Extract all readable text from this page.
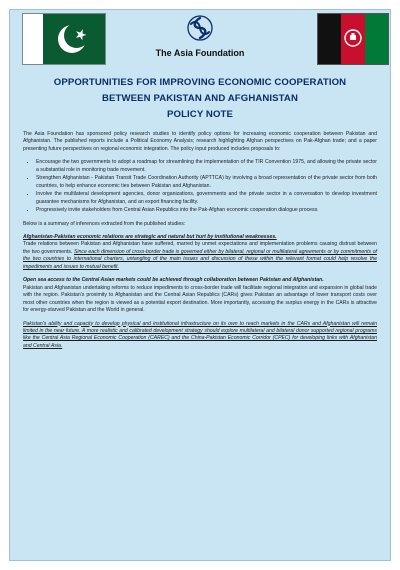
The Asia Foundation
OPPORTUNITIES FOR IMPROVING ECONOMIC COOPERATION
BETWEEN PAKISTAN AND AFGHANISTAN
POLICY NOTE

The Asia Foundation has sponsored policy research studies to identify policy options for increasing economic cooperation between Pakistan and Afghanistan. The published reports include a Political Economy Analysis; research highlighting Afghan perspectives on Pak-Afghan trade; and a paper presenting future perspectives on regional economic integration. The policy input produced includes proposals to:

• Encourage the two governments to adopt a roadmap for streamlining the implementation of the TIR Convention 1975, and allowing the private sector a substantial role in monitoring trade movement.
• Strengthen Afghanistan - Pakistan Transit Trade Coordination Authority (APTTCA) by involving a broad representation of the private sector from both countries, to help enhance economic ties between Pakistan and Afghanistan.
• Involve the multilateral development agencies, donor organizations, governments and the private sector in a conversation to develop investment guarantee mechanisms for Afghanistan, and an export financing facility.
• Progressively invite stakeholders from Central Asian Republics into the Pak-Afghan economic cooperation dialogue process.

Below is a summary of inferences extracted from the published studies:

Afghanistan-Pakistan economic relations are strategic and natural but hurt by institutional weaknesses.
Trade relations between Pakistan and Afghanistan have suffered, marred by unmet expectations and implementation problems causing distrust between the two governments. Since each dimension of cross-border trade is governed either by bilateral, regional or multilateral agreements or by commitments of the two countries to international charters, untangling of the main issues and discussion of these within the relevant format could help resolve the impediments and issues to mutual benefit.

Open sea access to the Central Asian markets could be achieved through collaboration between Pakistan and Afghanistan.
Pakistan and Afghanistan undertaking reforms to reduce impediments to cross-border trade will facilitate regional integration and expansion in global trade with the region. Pakistan's proximity to Afghanistan and the Central Asian Republics (CARs) gives Pakistan an advantage of lower transport costs over most other countries when the region is viewed as a potential export destination. More importantly, accessing the surplus energy in the CARs is attractive for energy-starved Pakistan and the World in general.

Pakistan's ability and capacity to develop physical and institutional infrastructure on its own to reach markets in the CARs and Afghanistan will remain limited in the near future. A more realistic and calibrated development strategy should explore multilateral and bilateral donor supported regional programs like the Central Asia Regional Economic Cooperation (CAREC) and the China-Pakistan Economic Corridor (CPEC) for developing links with Afghanistan and Central Asia.
